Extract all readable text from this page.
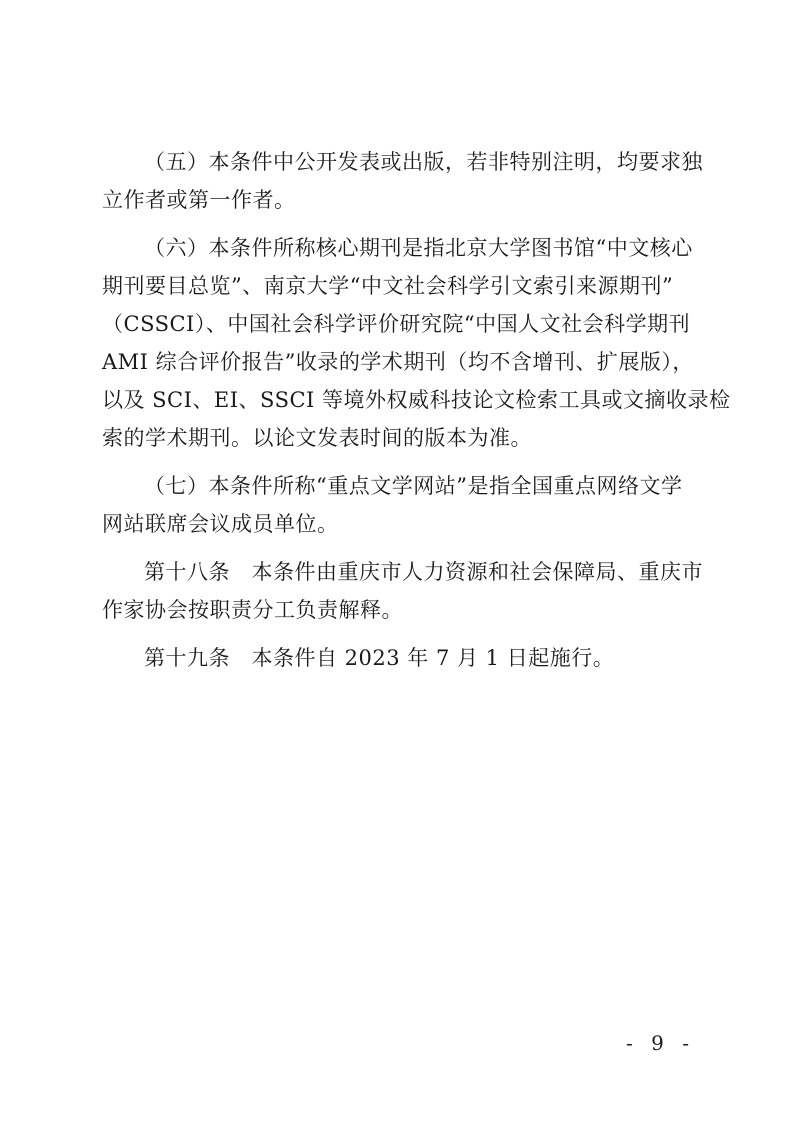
（五）本条件中公开发表或出版，若非特别注明，均要求独
立作者或第一作者。
（六）本条件所称核心期刊是指北京大学图书馆“中文核心
期刊要目总览”、南京大学“中文社会科学引文索引来源期刊”
（CSSCI）、中国社会科学评价研究院“中国人文社会科学期刊
AMI 综合评价报告”收录的学术期刊（均不含增刊、扩展版），
以及 SCI、EI、SSCI 等境外权威科技论文检索工具或文摘收录检
索的学术期刊。以论文发表时间的版本为准。
（七）本条件所称“重点文学网站”是指全国重点网络文学
网站联席会议成员单位。
第十八条　本条件由重庆市人力资源和社会保障局、重庆市
作家协会按职责分工负责解释。
第十九条　本条件自 2023 年 7 月 1 日起施行。
- 9 -
